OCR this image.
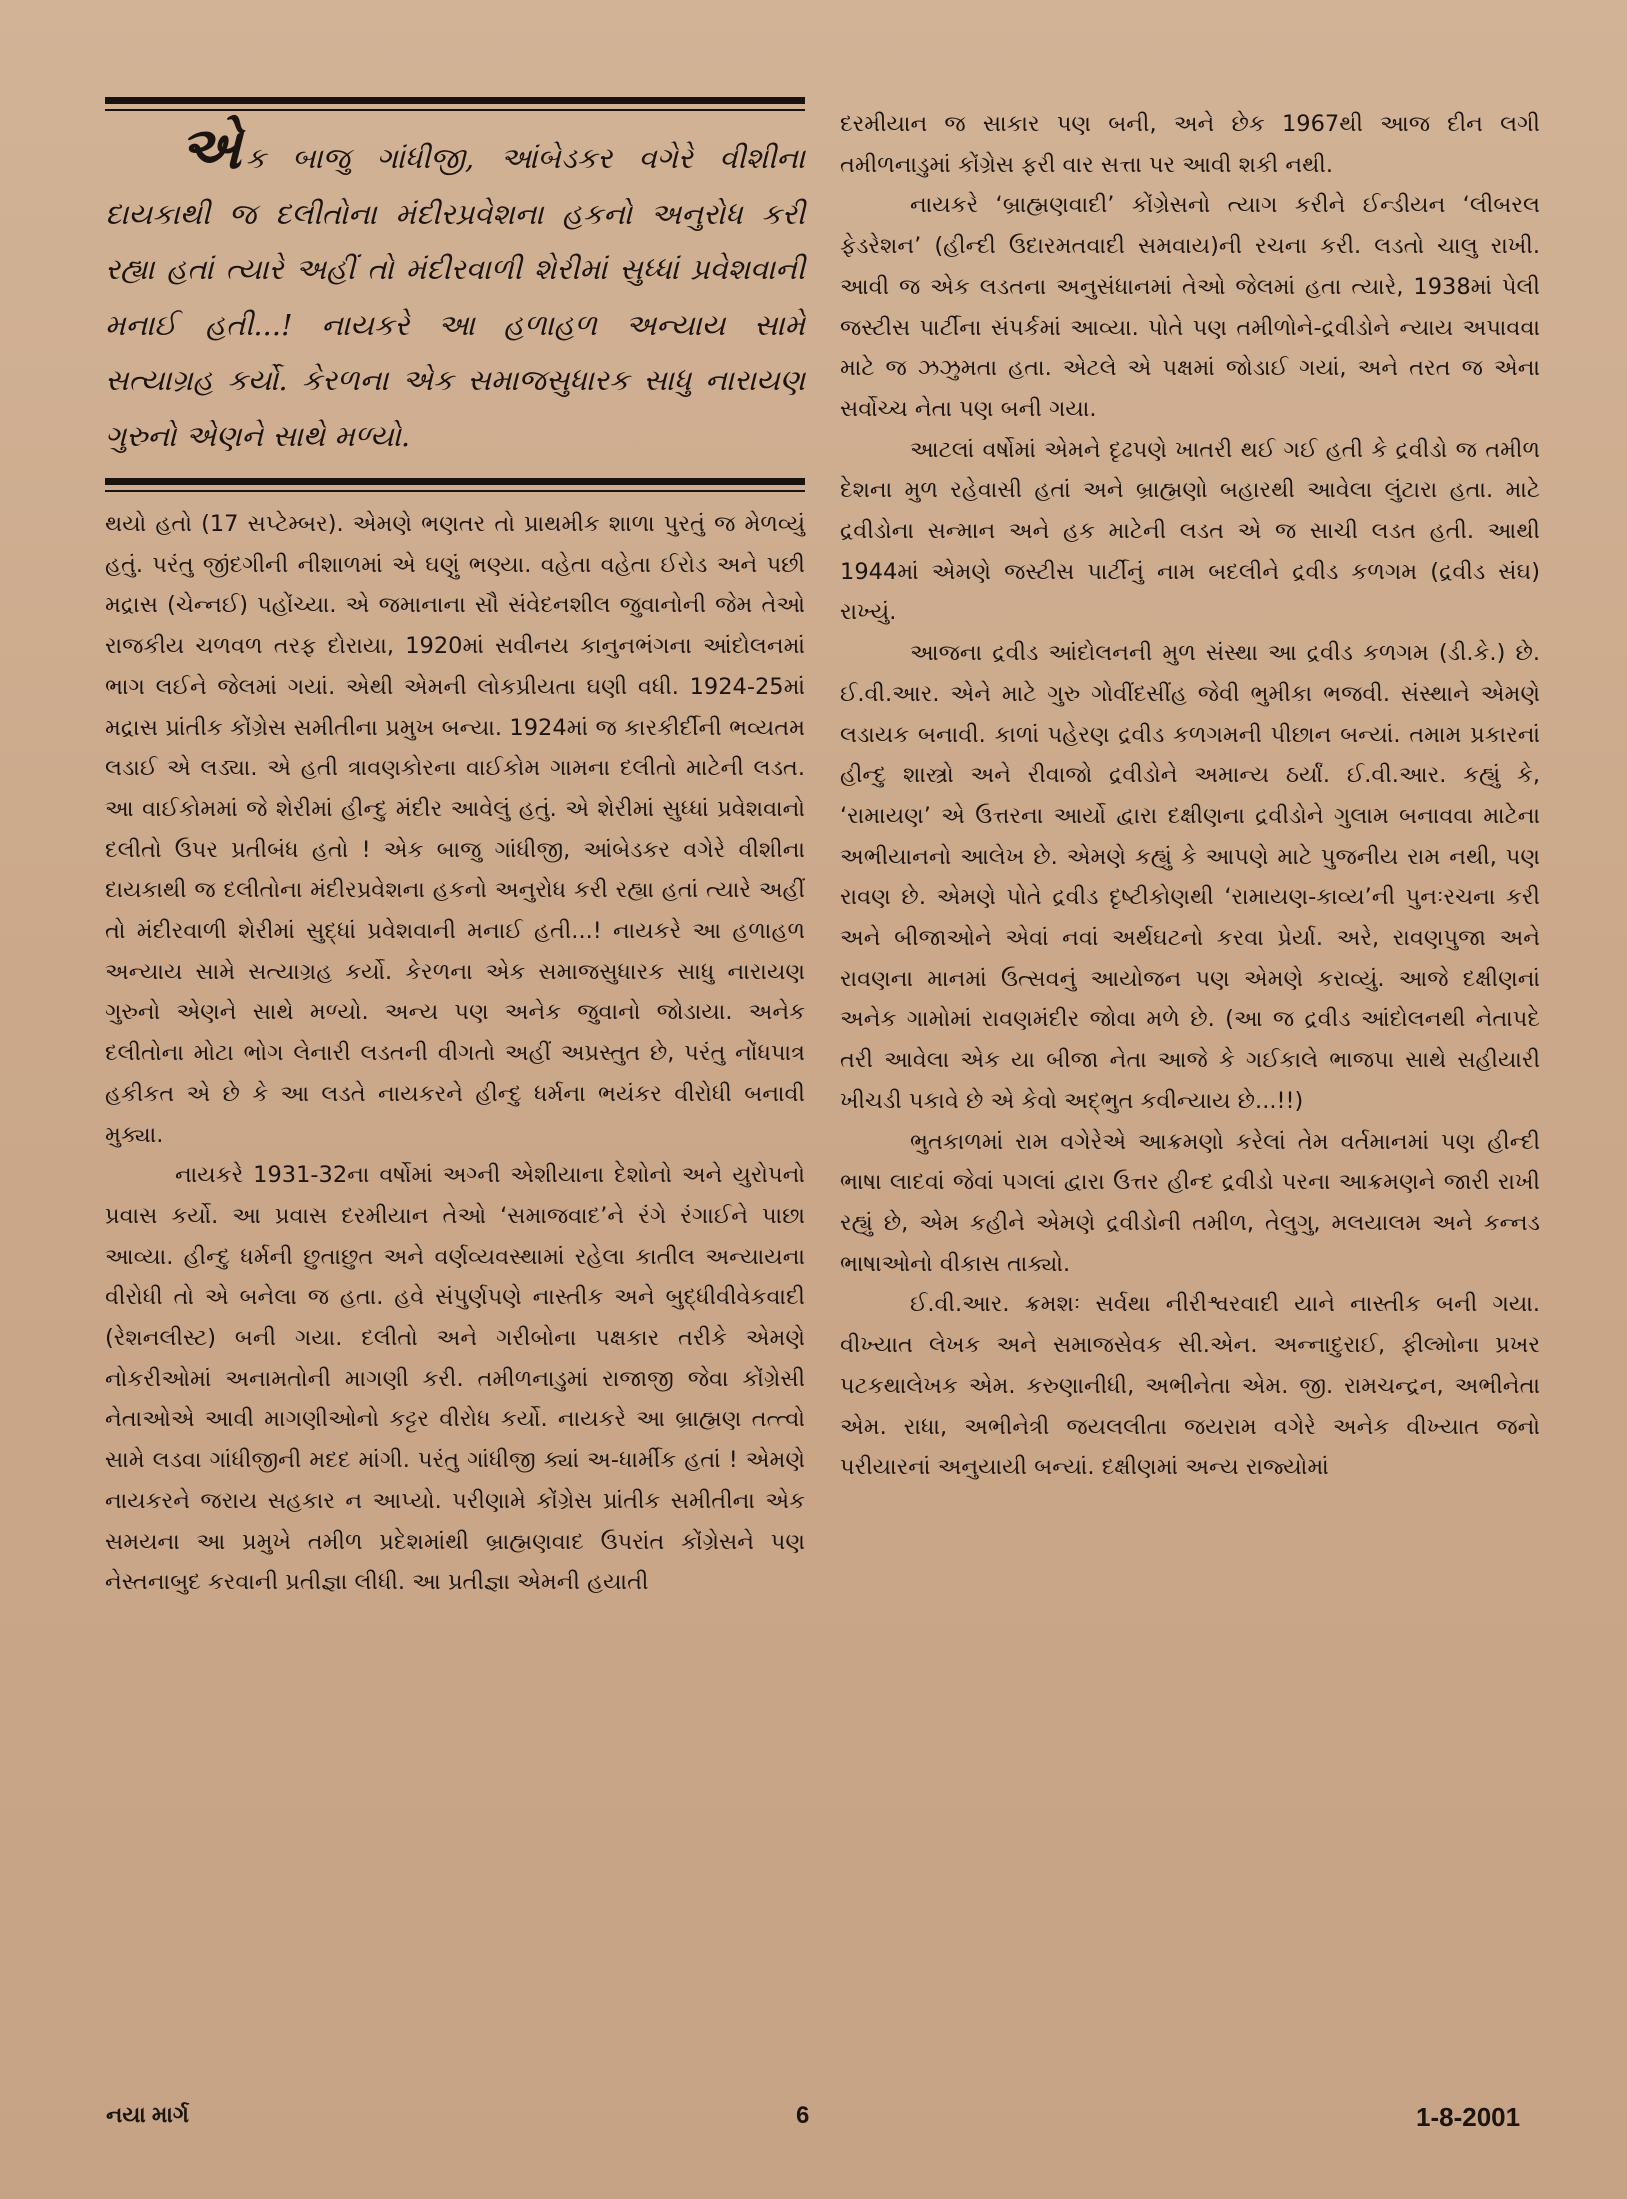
એક બાજુ ગાંધીજી, આંબેડકર વગેરે વીશીના દાયકાથી જ દલીતોના મંદીરપ્રવેશના હકનો અનુરોધ કરી રહ્યા હતાં ત્યારે અહીં તો મંદીરવાળી શેરીમાં સુધ્ધાં પ્રવેશવાની મનાઈ હતી...! નાયકરે આ હળાહળ અન્યાય સામે સત્યાગ્રહ કર્યો. કેરળના એક સમાજસુધારક સાધુ નારાયણ ગુરુનો એણને સાથે મળ્યો.

થયો હતો (17 સપ્ટેમ્બર). એમણે ભણતર તો પ્રાથમીક શાળા પુરતું જ મેળવ્યું હતું. પરંતુ જીંદગીની નીશાળમાં એ ઘણું ભણ્યા. વહેતા વહેતા ઈરોડ અને પછી મદ્રાસ (ચેન્નઈ) પહોંચ્યા. એ જમાનાના સૌ સંવેદનશીલ જુવાનોની જેમ તેઓ રાજકીય ચળવળ તરફ દોરાયા, 1920માં સવીનય કાનુનભંગના આંદોલનમાં ભાગ લઈને જેલમાં ગયાં. એથી એમની લોકપ્રીયતા ઘણી વધી. 1924-25માં મદ્રાસ પ્રાંતીક કોંગ્રેસ સમીતીના પ્રમુખ બન્યા. 1924માં જ કારકીર્દીની ભવ્યતમ લડાઈ એ લડ્યા. એ હતી ત્રાવણકોરના વાઈકોમ ગામના દલીતો માટેની લડત. આ વાઈકોમમાં જે શેરીમાં હીન્દુ મંદીર આવેલું હતું. એ શેરીમાં સુધ્ધાં પ્રવેશવાનો દલીતો ઉપર પ્રતીબંધ હતો ! એક બાજુ ગાંધીજી, આંબેડકર વગેરે વીશીના દાયકાથી જ દલીતોના મંદીરપ્રવેશના હકનો અનુરોધ કરી રહ્યા હતાં ત્યારે અહીં તો મંદીરવાળી શેરીમાં સુદ્ધાં પ્રવેશવાની મનાઈ હતી...! નાયકરે આ હળાહળ અન્યાય સામે સત્યાગ્રહ કર્યો. કેરળના એક સમાજસુધારક સાધુ નારાયણ ગુરુનો એણને સાથે મળ્યો. અન્ય પણ અનેક જુવાનો જોડાયા. અનેક દલીતોના મોટા ભોગ લેનારી લડતની વીગતો અહીં અપ્રસ્તુત છે, પરંતુ નોંધપાત્ર હકીકત એ છે કે આ લડતે નાયકરને હીન્દુ ધર્મના ભયંકર વીરોધી બનાવી મુક્યા.

નાયકરે 1931-32ના વર્ષોમાં અગ્ની એશીયાના દેશોનો અને યુરોપનો પ્રવાસ કર્યો. આ પ્રવાસ દરમીયાન તેઓ ‘સમાજવાદ’ને રંગે રંગાઈને પાછા આવ્યા. હીન્દુ ધર્મની છુતાછુત અને વર્ણવ્યવસ્થામાં રહેલા કાતીલ અન્યાયના વીરોધી તો એ બનેલા જ હતા. હવે સંપુર્ણપણે નાસ્તીક અને બુદ્ધીવીવેકવાદી (રેશનલીસ્ટ) બની ગયા. દલીતો અને ગરીબોના પક્ષકાર તરીકે એમણે નોકરીઓમાં અનામતોની માગણી કરી. તમીળનાડુમાં રાજાજી જેવા કોંગ્રેસી નેતાઓએ આવી માગણીઓનો કટ્ટર વીરોધ કર્યો. નાયકરે આ બ્રાહ્મણ તત્ત્વો સામે લડવા ગાંધીજીની મદદ માંગી. પરંતુ ગાંધીજી ક્યાં અ-ધાર્મીક હતાં ! એમણે નાયકરને જરાય સહકાર ન આપ્યો. પરીણામે કોંગ્રેસ પ્રાંતીક સમીતીના એક સમયના આ પ્રમુખે તમીળ પ્રદેશમાંથી બ્રાહ્મણવાદ ઉપરાંત કોંગ્રેસને પણ નેસ્તનાબુદ કરવાની પ્રતીજ્ઞા લીધી. આ પ્રતીજ્ઞા એમની હયાતી

દરમીયાન જ સાકાર પણ બની, અને છેક 1967થી આજ દીન લગી તમીળનાડુમાં કોંગ્રેસ ફરી વાર સત્તા પર આવી શકી નથી.

નાયકરે ‘બ્રાહ્મણવાદી’ કોંગ્રેસનો ત્યાગ કરીને ઈન્ડીયન ‘લીબરલ ફેડરેશન’ (હીન્દી ઉદારમતવાદી સમવાય)ની રચના કરી. લડતો ચાલુ રાખી. આવી જ એક લડતના અનુસંધાનમાં તેઓ જેલમાં હતા ત્યારે, 1938માં પેલી જસ્ટીસ પાર્ટીના સંપર્કમાં આવ્યા. પોતે પણ તમીળોને-દ્રવીડોને ન્યાય અપાવવા માટે જ ઝઝુમતા હતા. એટલે એ પક્ષમાં જોડાઈ ગયાં, અને તરત જ એના સર્વોચ્ચ નેતા પણ બની ગયા.

આટલાં વર્ષોમાં એમને દૃઢપણે ખાતરી થઈ ગઈ હતી કે દ્રવીડો જ તમીળ દેશના મુળ રહેવાસી હતાં અને બ્રાહ્મણો બહારથી આવેલા લુંટારા હતા. માટે દ્રવીડોના સન્માન અને હક માટેની લડત એ જ સાચી લડત હતી. આથી 1944માં એમણે જસ્ટીસ પાર્ટીનું નામ બદલીને દ્રવીડ કળગમ (દ્રવીડ સંઘ) રાખ્યું.

આજના દ્રવીડ આંદોલનની મુળ સંસ્થા આ દ્રવીડ કળગમ (ડી.કે.) છે. ઈ.વી.આર. એને માટે ગુરુ ગોવીંદસીંહ જેવી ભુમીકા ભજવી. સંસ્થાને એમણે લડાયક બનાવી. કાળાં પહેરણ દ્રવીડ કળગમની પીછાન બન્યાં. તમામ પ્રકારનાં હીન્દુ શાસ્ત્રો અને રીવાજો દ્રવીડોને અમાન્ય ઠર્યાં. ઈ.વી.આર. કહ્યું કે, ‘રામાયણ’ એ ઉત્તરના આર્યો દ્વારા દક્ષીણના દ્રવીડોને ગુલામ બનાવવા માટેના અભીયાનનો આલેખ છે. એમણે કહ્યું કે આપણે માટે પુજનીય રામ નથી, પણ રાવણ છે. એમણે પોતે દ્રવીડ દૃષ્ટીકોણથી ‘રામાયણ-કાવ્ય’ની પુનઃરચના કરી અને બીજાઓને એવાં નવાં અર્થઘટનો કરવા પ્રેર્યા. અરે, રાવણપુજા અને રાવણના માનમાં ઉત્સવનું આયોજન પણ એમણે કરાવ્યું. આજે દક્ષીણનાં અનેક ગામોમાં રાવણમંદીર જોવા મળે છે. (આ જ દ્રવીડ આંદોલનથી નેતાપદે તરી આવેલા એક યા બીજા નેતા આજે કે ગઈકાલે ભાજપા સાથે સહીયારી ખીચડી પકાવે છે એ કેવો અદ્ભુત કવીન્યાય છે...!!)

ભુતકાળમાં રામ વગેરેએ આક્રમણો કરેલાં તેમ વર્તમાનમાં પણ હીન્દી ભાષા લાદવાં જેવાં પગલાં દ્વારા ઉત્તર હીન્દ દ્રવીડો પરના આક્રમણને જારી રાખી રહ્યું છે, એમ કહીને એમણે દ્રવીડોની તમીળ, તેલુગુ, મલયાલમ અને કન્નડ ભાષાઓનો વીકાસ તાક્યો.

ઈ.વી.આર. ક્રમશઃ સર્વથા નીરીશ્વરવાદી યાને નાસ્તીક બની ગયા. વીખ્યાત લેખક અને સમાજસેવક સી.એન. અન્નાદુરાઈ, ફીલ્મોના પ્રખર પટકથાલેખક એમ. કરુણાનીધી, અભીનેતા એમ. જી. રામચન્દ્રન, અભીનેતા એમ. રાધા, અભીનેત્રી જયલલીતા જયરામ વગેરે અનેક વીખ્યાત જનો પરીયારનાં અનુયાયી બન્યાં. દક્ષીણમાં અન્ય રાજ્યોમાં

નયા માર્ગ	6	1-8-2001
